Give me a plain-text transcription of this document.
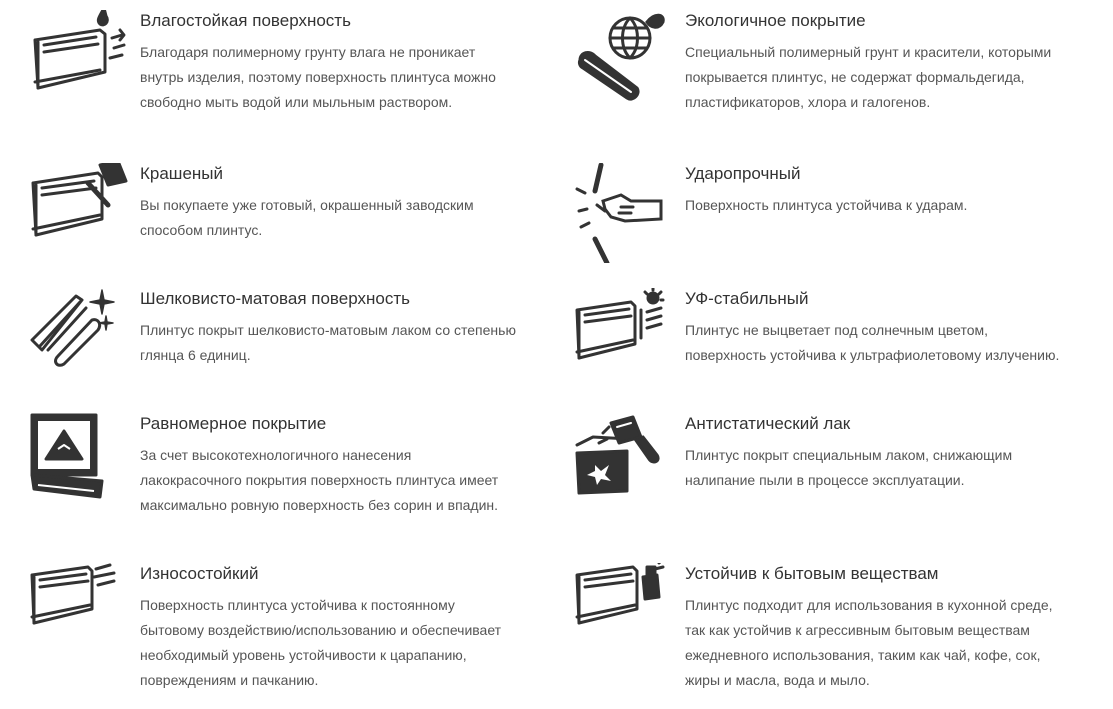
Влагостойкая поверхность
Благодаря полимерному грунту влага не проникает
внутрь изделия, поэтому поверхность плинтуса можно
свободно мыть водой или мыльным раствором.
Экологичное покрытие
Специальный полимерный грунт и красители, которыми
покрывается плинтус, не содержат формальдегида,
пластификаторов, хлора и галогенов.
Крашеный
Вы покупаете уже готовый, окрашенный заводским
способом плинтус.
Ударопрочный
Поверхность плинтуса устойчива к ударам.
Шелковисто-матовая поверхность
Плинтус покрыт шелковисто-матовым лаком со степенью
глянца 6 единиц.
УФ-стабильный
Плинтус не выцветает под солнечным цветом,
поверхность устойчива к ультрафиолетовому излучению.
Равномерное покрытие
За счет высокотехнологичного нанесения
лакокрасочного покрытия поверхность плинтуса имеет
максимально ровную поверхность без сорин и впадин.
Антистатический лак
Плинтус покрыт специальным лаком, снижающим
налипание пыли в процессе эксплуатации.
Износостойкий
Поверхность плинтуса устойчива к постоянному
бытовому воздействию/использованию и обеспечивает
необходимый уровень устойчивости к царапанию,
повреждениям и пачканию.
Устойчив к бытовым веществам
Плинтус подходит для использования в кухонной среде,
так как устойчив к агрессивным бытовым веществам
ежедневного использования, таким как чай, кофе, сок,
жиры и масла, вода и мыло.
